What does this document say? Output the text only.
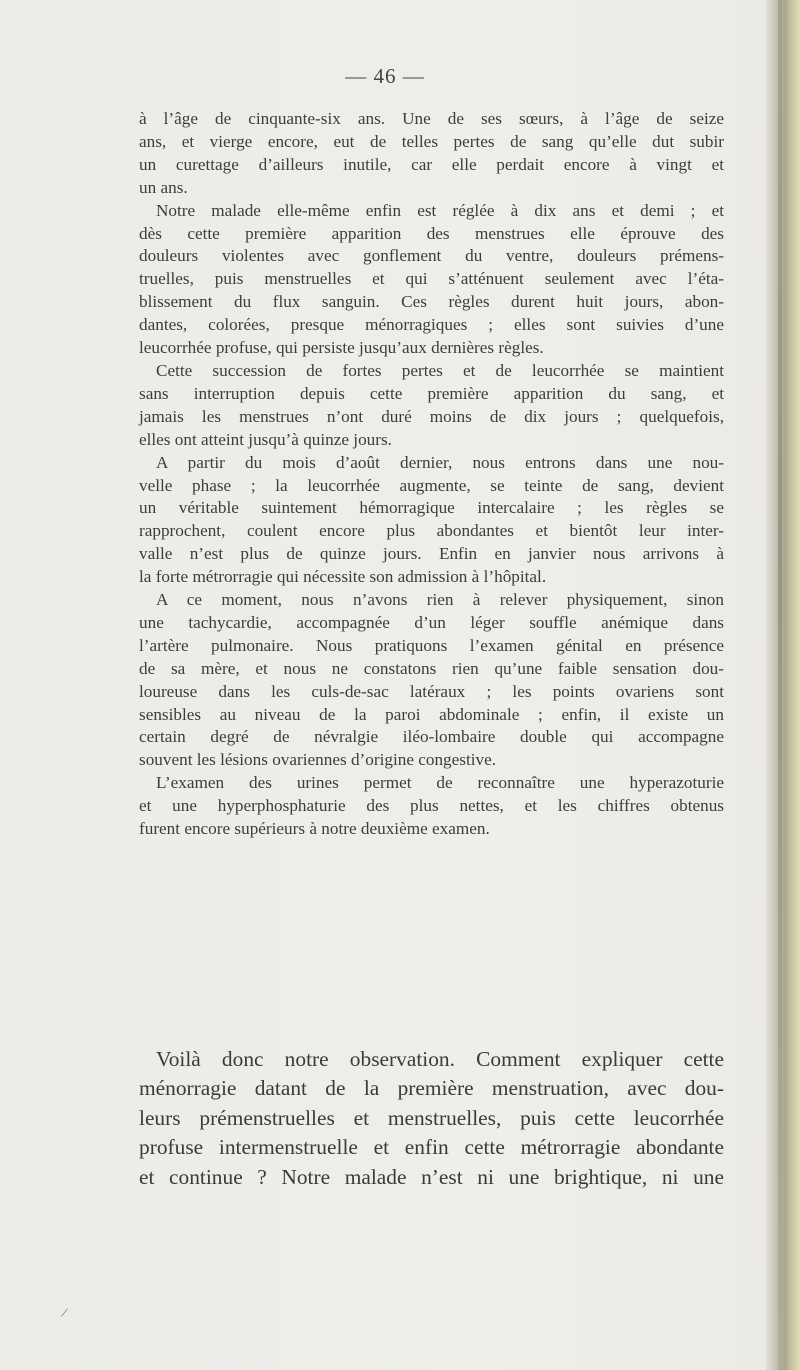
— 46 —
à l’âge de cinquante-six ans. Une de ses sœurs, à l’âge de seize
ans, et vierge encore, eut de telles pertes de sang qu’elle dut subir
un curettage d’ailleurs inutile, car elle perdait encore à vingt et
un ans.
Notre malade elle-même enfin est réglée à dix ans et demi ; et
dès cette première apparition des menstrues elle éprouve des
douleurs violentes avec gonflement du ventre, douleurs prémens-
truelles, puis menstruelles et qui s’atténuent seulement avec l’éta-
blissement du flux sanguin. Ces règles durent huit jours, abon-
dantes, colorées, presque ménorragiques ; elles sont suivies d’une
leucorrhée profuse, qui persiste jusqu’aux dernières règles.
Cette succession de fortes pertes et de leucorrhée se maintient
sans interruption depuis cette première apparition du sang, et
jamais les menstrues n’ont duré moins de dix jours ; quelquefois,
elles ont atteint jusqu’à quinze jours.
A partir du mois d’août dernier, nous entrons dans une nou-
velle phase ; la leucorrhée augmente, se teinte de sang, devient
un véritable suintement hémorragique intercalaire ; les règles se
rapprochent, coulent encore plus abondantes et bientôt leur inter-
valle n’est plus de quinze jours. Enfin en janvier nous arrivons à
la forte métrorragie qui nécessite son admission à l’hôpital.
A ce moment, nous n’avons rien à relever physiquement, sinon
une tachycardie, accompagnée d’un léger souffle anémique dans
l’artère pulmonaire. Nous pratiquons l’examen génital en présence
de sa mère, et nous ne constatons rien qu’une faible sensation dou-
loureuse dans les culs-de-sac latéraux ; les points ovariens sont
sensibles au niveau de la paroi abdominale ; enfin, il existe un
certain degré de névralgie iléo-lombaire double qui accompagne
souvent les lésions ovariennes d’origine congestive.
L’examen des urines permet de reconnaître une hyperazoturie
et une hyperphosphaturie des plus nettes, et les chiffres obtenus
furent encore supérieurs à notre deuxième examen.
Voilà donc notre observation. Comment expliquer cette
ménorragie datant de la première menstruation, avec dou-
leurs prémenstruelles et menstruelles, puis cette leucorrhée
profuse intermenstruelle et enfin cette métrorragie abondante
et continue ? Notre malade n’est ni une brightique, ni une
/
